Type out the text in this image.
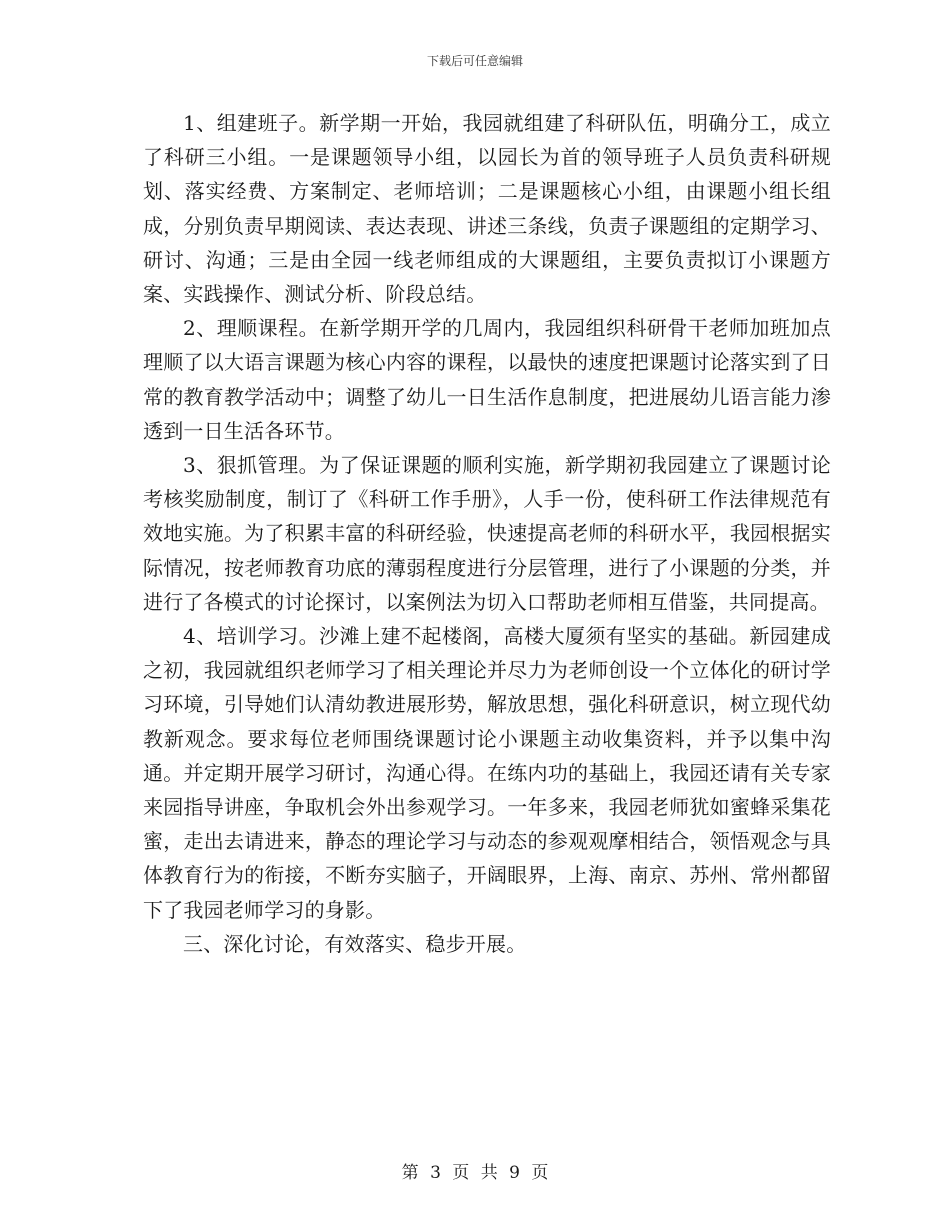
下载后可任意编辑

1、组建班子。新学期一开始，我园就组建了科研队伍，明确分工，成立了科研三小组。一是课题领导小组，以园长为首的领导班子人员负责科研规划、落实经费、方案制定、老师培训；二是课题核心小组，由课题小组长组成，分别负责早期阅读、表达表现、讲述三条线，负责子课题组的定期学习、研讨、沟通；三是由全园一线老师组成的大课题组，主要负责拟订小课题方案、实践操作、测试分析、阶段总结。

2、理顺课程。在新学期开学的几周内，我园组织科研骨干老师加班加点理顺了以大语言课题为核心内容的课程，以最快的速度把课题讨论落实到了日常的教育教学活动中；调整了幼儿一日生活作息制度，把进展幼儿语言能力渗透到一日生活各环节。

3、狠抓管理。为了保证课题的顺利实施，新学期初我园建立了课题讨论考核奖励制度，制订了《科研工作手册》，人手一份，使科研工作法律规范有效地实施。为了积累丰富的科研经验，快速提高老师的科研水平，我园根据实际情况，按老师教育功底的薄弱程度进行分层管理，进行了小课题的分类，并进行了各模式的讨论探讨，以案例法为切入口帮助老师相互借鉴，共同提高。

4、培训学习。沙滩上建不起楼阁，高楼大厦须有坚实的基础。新园建成之初，我园就组织老师学习了相关理论并尽力为老师创设一个立体化的研讨学习环境，引导她们认清幼教进展形势，解放思想，强化科研意识，树立现代幼教新观念。要求每位老师围绕课题讨论小课题主动收集资料，并予以集中沟通。并定期开展学习研讨，沟通心得。在练内功的基础上，我园还请有关专家来园指导讲座，争取机会外出参观学习。一年多来，我园老师犹如蜜蜂采集花蜜，走出去请进来，静态的理论学习与动态的参观观摩相结合，领悟观念与具体教育行为的衔接，不断夯实脑子，开阔眼界，上海、南京、苏州、常州都留下了我园老师学习的身影。

三、深化讨论，有效落实、稳步开展。

第 3 页 共 9 页
